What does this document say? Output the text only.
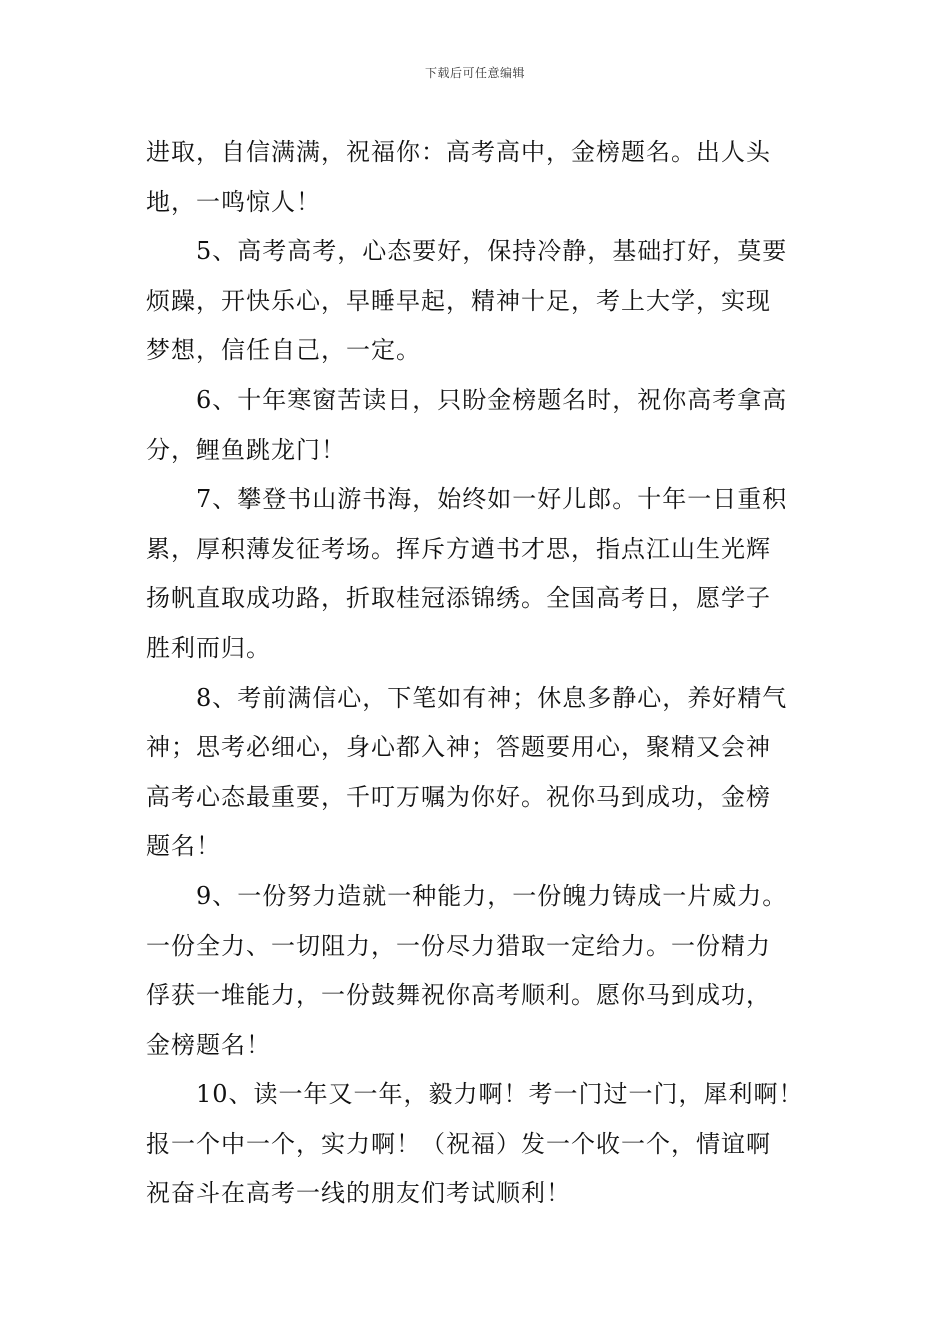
下载后可任意编辑
进取，自信满满，祝福你：高考高中，金榜题名。出人头
地，一鸣惊人！
5、高考高考，心态要好，保持冷静，基础打好，莫要
烦躁，开快乐心，早睡早起，精神十足，考上大学，实现
梦想，信任自己，一定。
6、十年寒窗苦读日，只盼金榜题名时，祝你高考拿高
分，鲤鱼跳龙门！
7、攀登书山游书海，始终如一好儿郎。十年一日重积
累，厚积薄发征考场。挥斥方遒书才思，指点江山生光辉
扬帆直取成功路，折取桂冠添锦绣。全国高考日，愿学子
胜利而归。
8、考前满信心，下笔如有神；休息多静心，养好精气
神；思考必细心，身心都入神；答题要用心，聚精又会神
高考心态最重要，千叮万嘱为你好。祝你马到成功，金榜
题名！
9、一份努力造就一种能力，一份魄力铸成一片威力。
一份全力、一切阻力，一份尽力猎取一定给力。一份精力
俘获一堆能力，一份鼓舞祝你高考顺利。愿你马到成功，
金榜题名！
10、读一年又一年，毅力啊！考一门过一门，犀利啊！
报一个中一个，实力啊！（祝福）发一个收一个，情谊啊
祝奋斗在高考一线的朋友们考试顺利！
